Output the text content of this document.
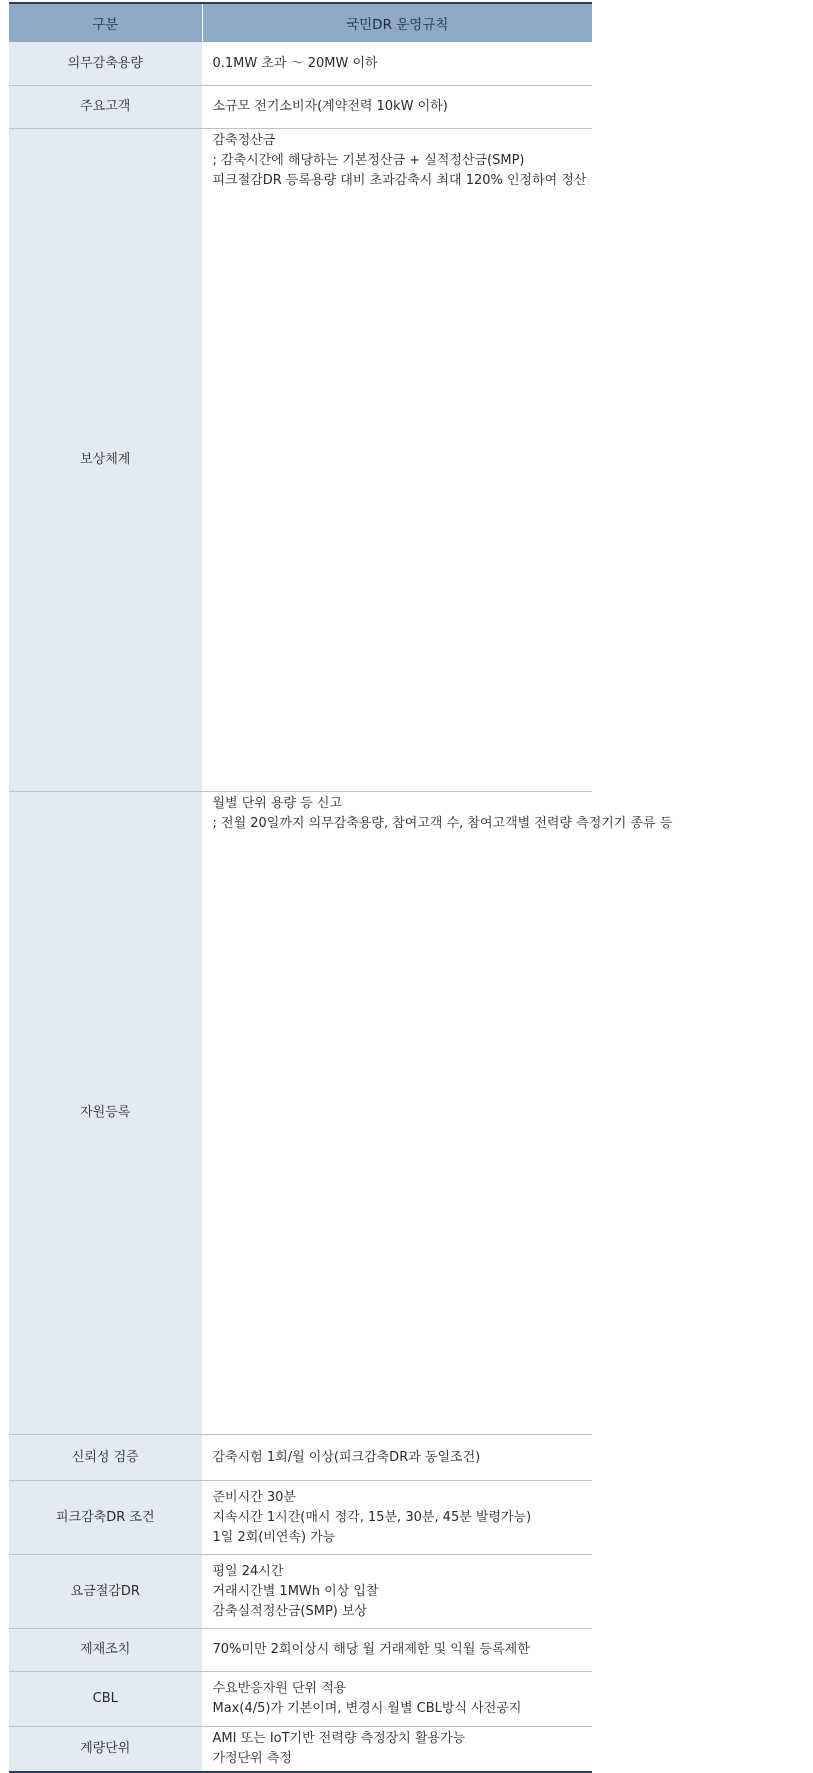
구분	국민DR 운영규칙
의무감축용량	0.1MW 초과 ～ 20MW 이하

주요고객	소규모 전기소비자(계약전력 10kW 이하)

보상체계	감축정산금
; 감축시간에 해당하는 기본정산금 + 실적정산금(SMP)
피크절감DR 등록용량 대비 초과감축시 최대 120% 인정하여 정산

자원등록	월별 단위 용량 등 신고
; 전월 20일까지 의무감축용량, 참여고객 수, 참여고객별 전력량 측정기기 종류 등

신뢰성 검증	감축시험 1회/월 이상(피크감축DR과 동일조건)

피크감축DR 조건	준비시간 30분
지속시간 1시간(매시 정각, 15분, 30분, 45분 발령가능)
1일 2회(비연속) 가능

요금절감DR	평일 24시간
거래시간별 1MWh 이상 입찰
감축실적정산금(SMP) 보상

제재조치	70%미만 2회이상시 해당 월 거래제한 및 익월 등록제한

CBL	수요반응자원 단위 적용
Max(4/5)가 기본이며, 변경시 월별 CBL방식 사전공지

계량단위	AMI 또는 IoT기반 전력량 측정장치 활용가능
가정단위 측정
